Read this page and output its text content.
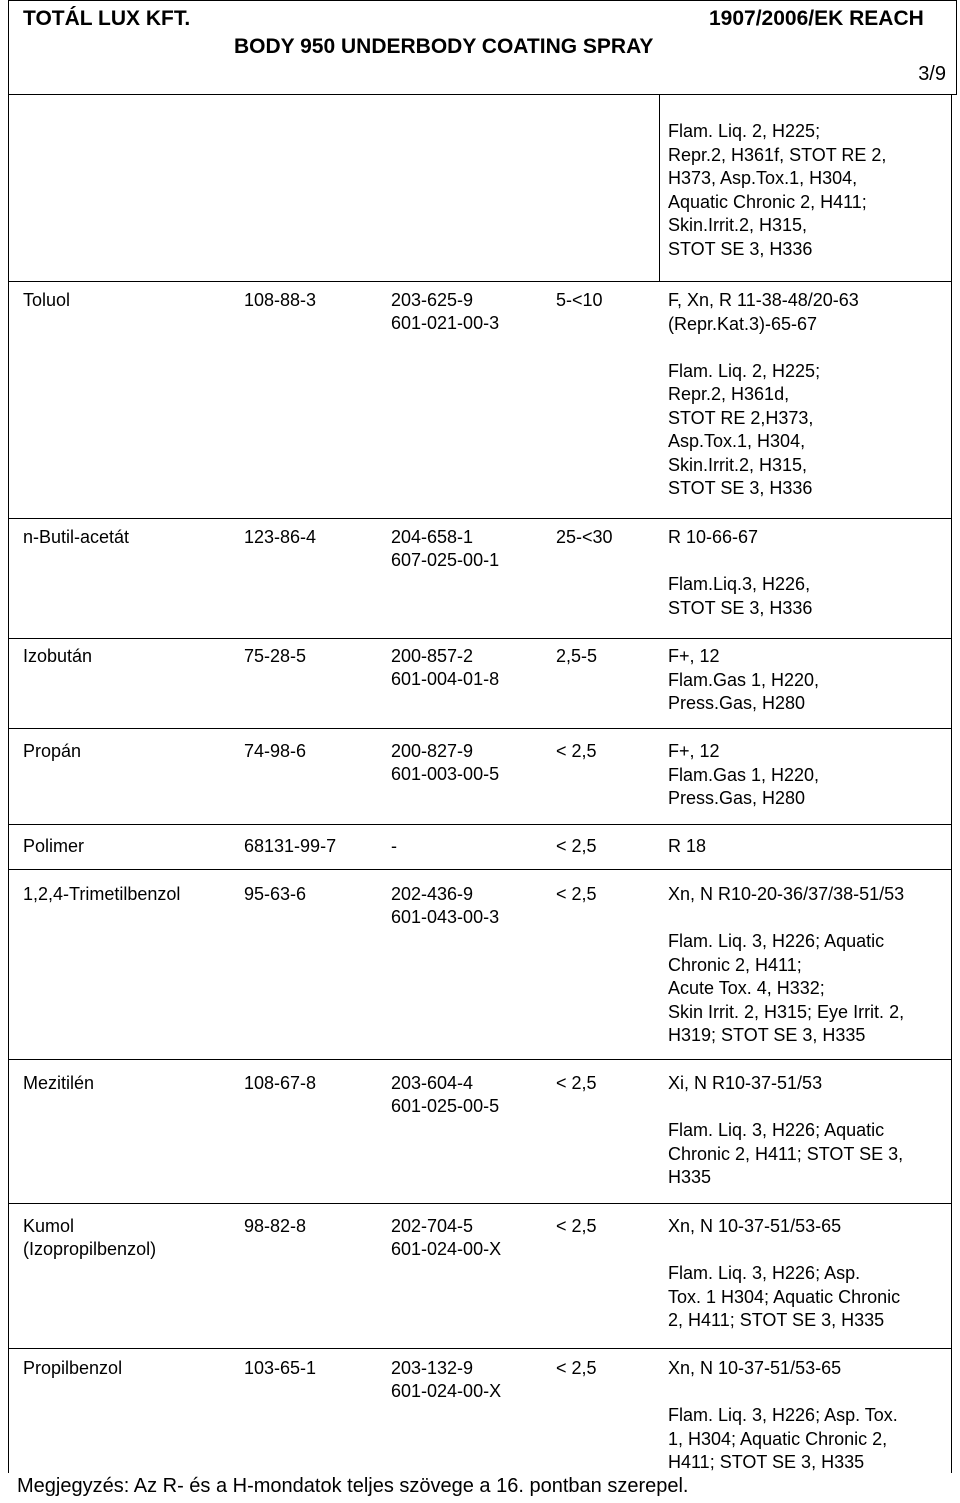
TOTÁL LUX KFT.	1907/2006/EK REACH
BODY 950 UNDERBODY COATING SPRAY
3/9
Flam. Liq. 2, H225;
Repr.2, H361f, STOT RE 2,
H373, Asp.Tox.1, H304,
Aquatic Chronic 2, H411;
Skin.Irrit.2, H315,
STOT SE 3, H336
Toluol	108-88-3	203-625-9
601-021-00-3
5-<10	F, Xn, R 11-38-48/20-63
(Repr.Kat.3)-65-67
Flam. Liq. 2, H225;
Repr.2, H361d,
STOT RE 2,H373,
Asp.Tox.1, H304,
Skin.Irrit.2, H315,
STOT SE 3, H336
n-Butil-acetát	123-86-4	204-658-1
607-025-00-1
25-<30	R 10-66-67
Flam.Liq.3, H226,
STOT SE 3, H336
Izobután	75-28-5	200-857-2
601-004-01-8
2,5-5	F+, 12
Flam.Gas 1, H220,
Press.Gas, H280
Propán	74-98-6	200-827-9
601-003-00-5
< 2,5	F+, 12
Flam.Gas 1, H220,
Press.Gas, H280
Polimer	68131-99-7	-	< 2,5	R 18
1,2,4-Trimetilbenzol	95-63-6	202-436-9
601-043-00-3
< 2,5	Xn, N R10-20-36/37/38-51/53
Flam. Liq. 3, H226; Aquatic
Chronic 2, H411;
Acute Tox. 4, H332;
Skin Irrit. 2, H315; Eye Irrit. 2,
H319; STOT SE 3, H335
Mezitilén	108-67-8	203-604-4
601-025-00-5
< 2,5	Xi, N R10-37-51/53
Flam. Liq. 3, H226; Aquatic
Chronic 2, H411; STOT SE 3,
H335
Kumol
(Izopropilbenzol)
98-82-8	202-704-5
601-024-00-X
< 2,5	Xn, N 10-37-51/53-65
Flam. Liq. 3, H226; Asp.
Tox. 1 H304; Aquatic Chronic
2, H411; STOT SE 3, H335
Propilbenzol	103-65-1	203-132-9
601-024-00-X
< 2,5	Xn, N 10-37-51/53-65
Flam. Liq. 3, H226; Asp. Tox.
1, H304; Aquatic Chronic 2,
H411; STOT SE 3, H335
Megjegyzés: Az R- és a H-mondatok teljes szövege a 16. pontban szerepel.
